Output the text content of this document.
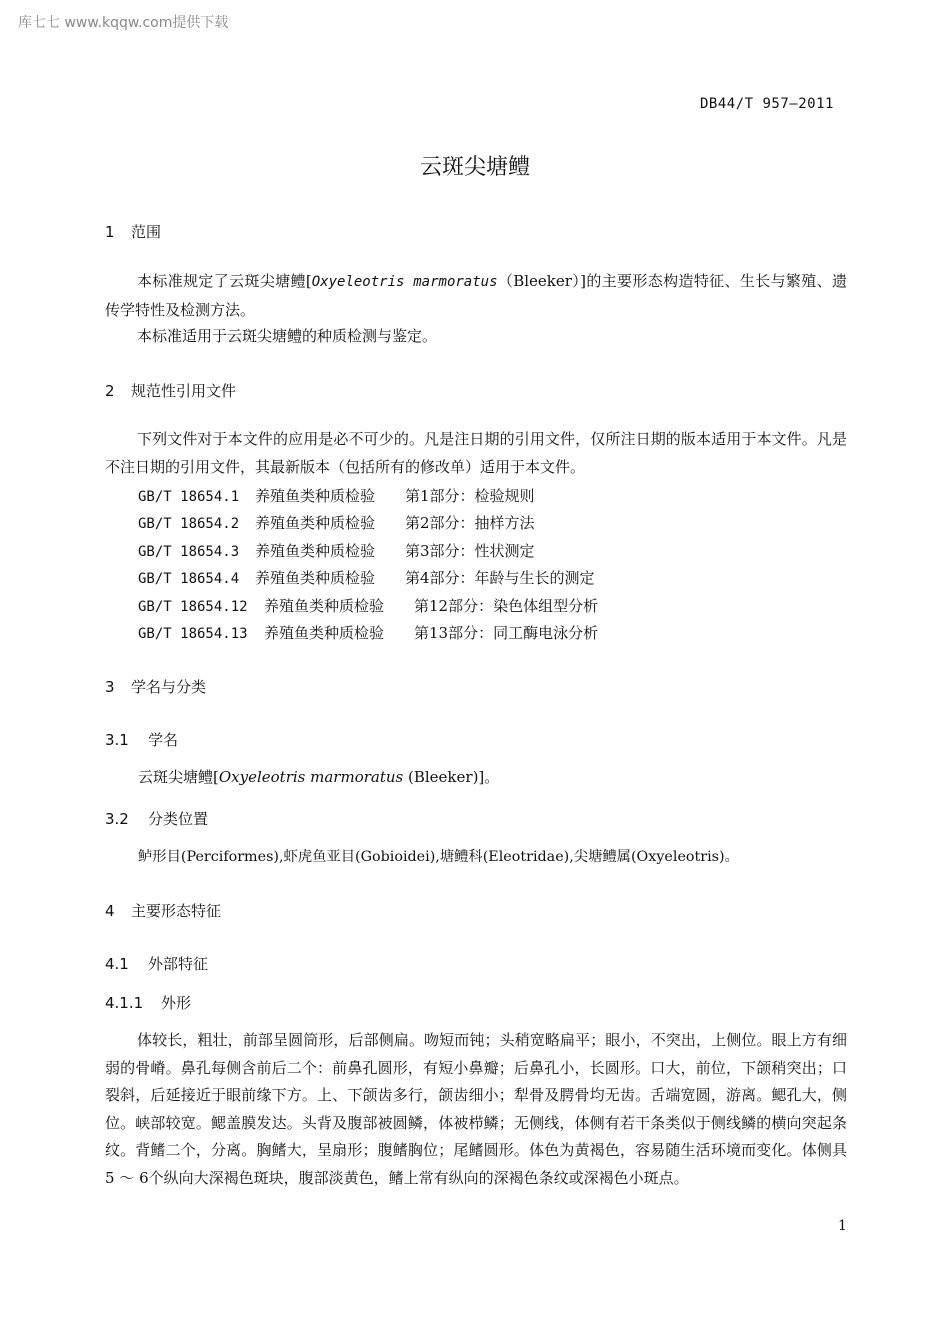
库七七 www.kqqw.com提供下载
DB44/T 957—2011
云斑尖塘鳢
1 范围
本标准规定了云斑尖塘鳢[Oxyeleotris marmoratus（Bleeker）]的主要形态构造特征、生长与繁殖、遗传学特性及检测方法。
本标准适用于云斑尖塘鳢的种质检测与鉴定。
2 规范性引用文件
下列文件对于本文件的应用是必不可少的。凡是注日期的引用文件，仅所注日期的版本适用于本文件。凡是不注日期的引用文件，其最新版本（包括所有的修改单）适用于本文件。
GB/T 18654.1 养殖鱼类种质检验 第1部分：检验规则
GB/T 18654.2 养殖鱼类种质检验 第2部分：抽样方法
GB/T 18654.3 养殖鱼类种质检验 第3部分：性状测定
GB/T 18654.4 养殖鱼类种质检验 第4部分：年龄与生长的测定
GB/T 18654.12 养殖鱼类种质检验 第12部分：染色体组型分析
GB/T 18654.13 养殖鱼类种质检验 第13部分：同工酶电泳分析
3 学名与分类
3.1 学名
云斑尖塘鳢[Oxyeleotris marmoratus (Bleeker)]。
3.2 分类位置
鲈形目(Perciformes),虾虎鱼亚目(Gobioidei),塘鳢科(Eleotridae),尖塘鳢属(Oxyeleotris)。
4 主要形态特征
4.1 外部特征
4.1.1 外形
体较长，粗壮，前部呈圆筒形，后部侧扁。吻短而钝；头稍宽略扁平；眼小，不突出，上侧位。眼上方有细弱的骨嵴。鼻孔每侧含前后二个：前鼻孔圆形，有短小鼻瓣；后鼻孔小，长圆形。口大，前位，下颌稍突出；口裂斜，后延接近于眼前缘下方。上、下颌齿多行，颌齿细小；犁骨及腭骨均无齿。舌端宽圆，游离。鳃孔大，侧位。峡部较宽。鳃盖膜发达。头背及腹部被圆鳞，体被栉鳞；无侧线，体侧有若干条类似于侧线鳞的横向突起条纹。背鳍二个，分离。胸鳍大，呈扇形；腹鳍胸位；尾鳍圆形。体色为黄褐色，容易随生活环境而变化。体侧具5 ～ 6个纵向大深褐色斑块，腹部淡黄色，鳍上常有纵向的深褐色条纹或深褐色小斑点。
1
